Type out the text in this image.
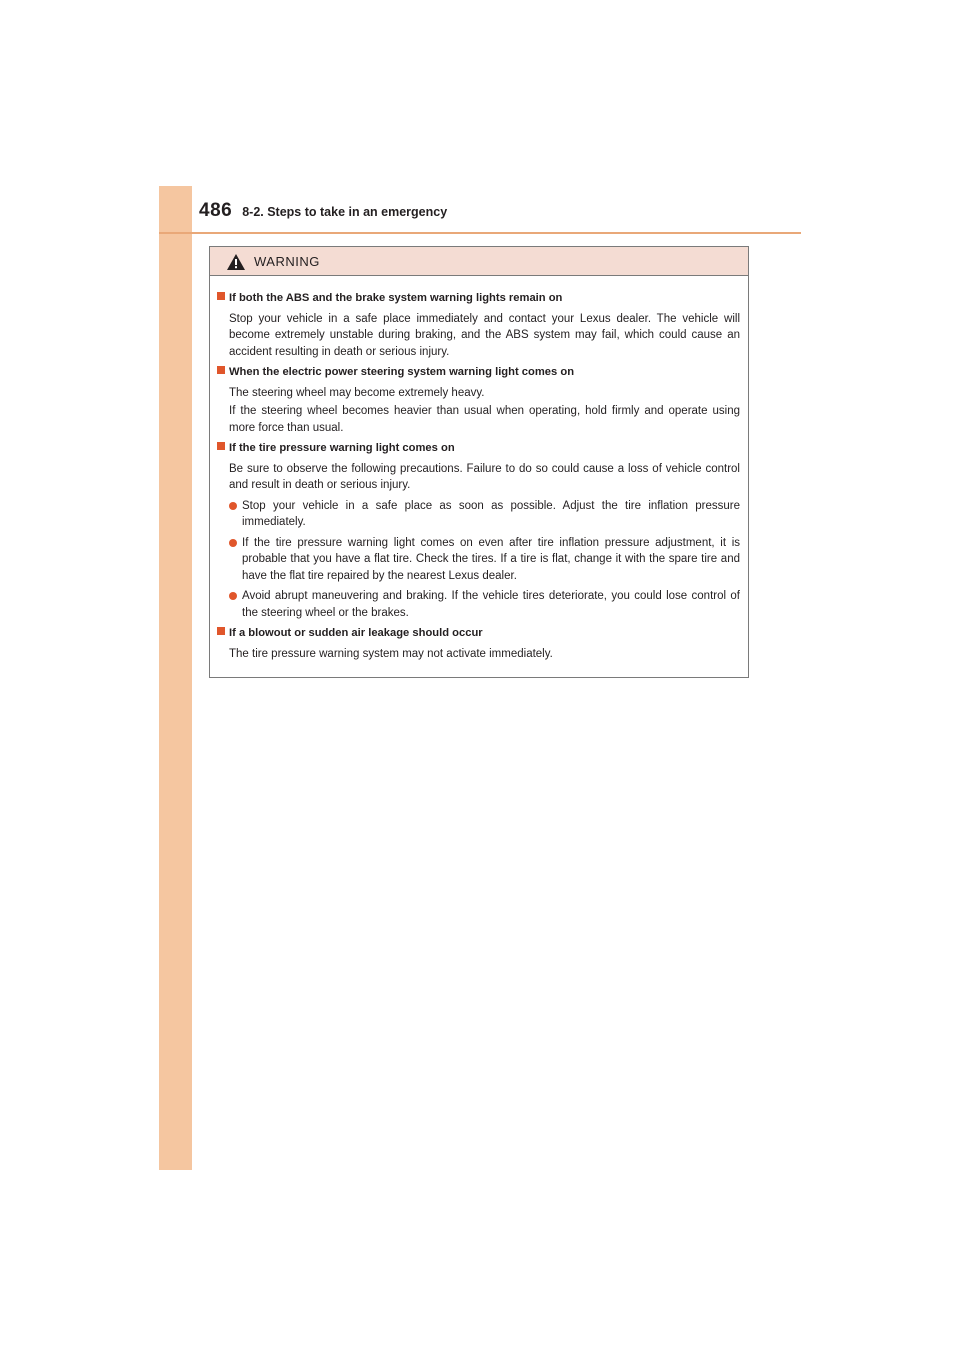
486 8-2. Steps to take in an emergency
WARNING
If both the ABS and the brake system warning lights remain on

Stop your vehicle in a safe place immediately and contact your Lexus dealer. The vehicle will become extremely unstable during braking, and the ABS system may fail, which could cause an accident resulting in death or serious injury.

When the electric power steering system warning light comes on

The steering wheel may become extremely heavy.

If the steering wheel becomes heavier than usual when operating, hold firmly and operate using more force than usual.

If the tire pressure warning light comes on

Be sure to observe the following precautions. Failure to do so could cause a loss of vehicle control and result in death or serious injury.

Stop your vehicle in a safe place as soon as possible. Adjust the tire inflation pressure immediately.
If the tire pressure warning light comes on even after tire inflation pressure adjustment, it is probable that you have a flat tire. Check the tires. If a tire is flat, change it with the spare tire and have the flat tire repaired by the nearest Lexus dealer.
Avoid abrupt maneuvering and braking. If the vehicle tires deteriorate, you could lose control of the steering wheel or the brakes.
If a blowout or sudden air leakage should occur

The tire pressure warning system may not activate immediately.
